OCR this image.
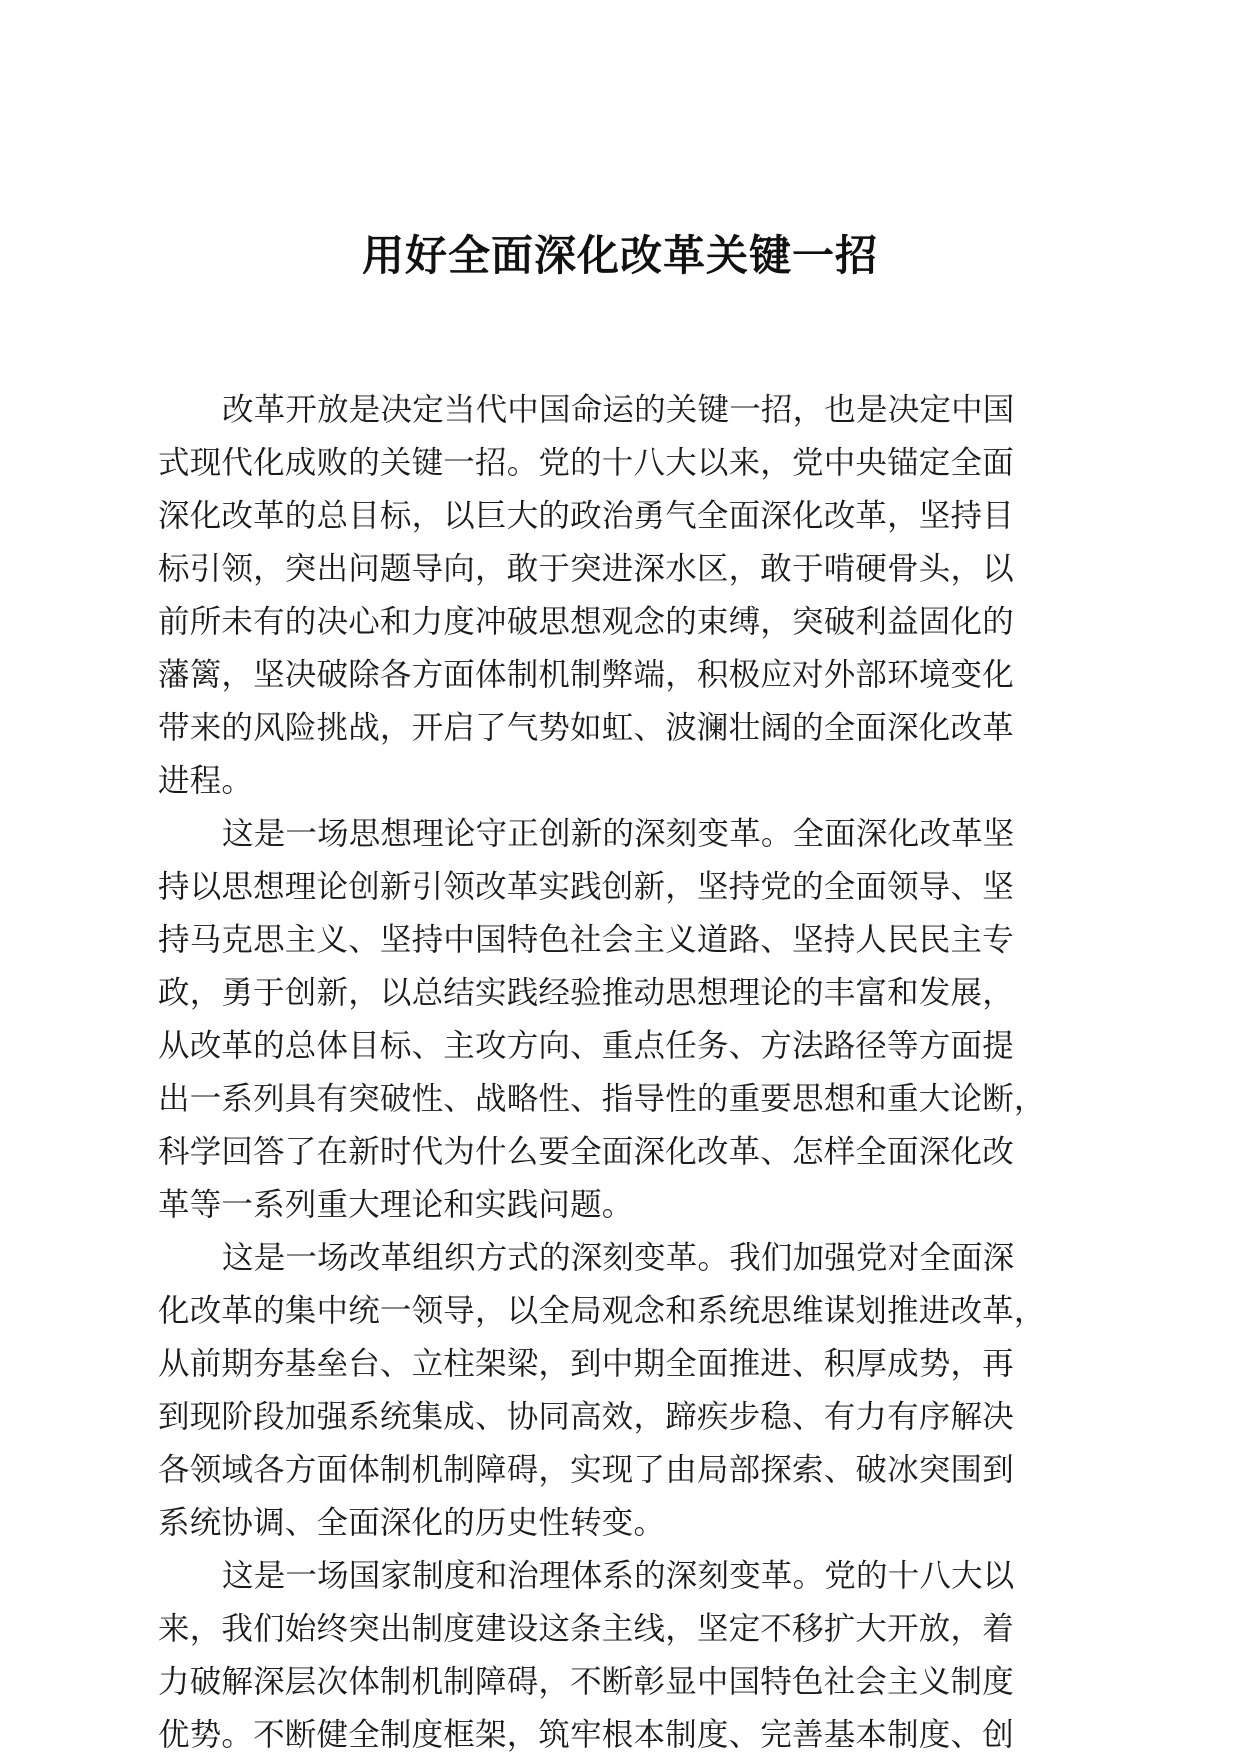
用好全面深化改革关键一招
改革开放是决定当代中国命运的关键一招，也是决定中国
式现代化成败的关键一招。党的十八大以来，党中央锚定全面
深化改革的总目标，以巨大的政治勇气全面深化改革，坚持目
标引领，突出问题导向，敢于突进深水区，敢于啃硬骨头，以
前所未有的决心和力度冲破思想观念的束缚，突破利益固化的
藩篱，坚决破除各方面体制机制弊端，积极应对外部环境变化
带来的风险挑战，开启了气势如虹、波澜壮阔的全面深化改革
进程。
这是一场思想理论守正创新的深刻变革。全面深化改革坚
持以思想理论创新引领改革实践创新，坚持党的全面领导、坚
持马克思主义、坚持中国特色社会主义道路、坚持人民民主专
政，勇于创新，以总结实践经验推动思想理论的丰富和发展，
从改革的总体目标、主攻方向、重点任务、方法路径等方面提
出一系列具有突破性、战略性、指导性的重要思想和重大论断，
科学回答了在新时代为什么要全面深化改革、怎样全面深化改
革等一系列重大理论和实践问题。
这是一场改革组织方式的深刻变革。我们加强党对全面深
化改革的集中统一领导，以全局观念和系统思维谋划推进改革，
从前期夯基垒台、立柱架梁，到中期全面推进、积厚成势，再
到现阶段加强系统集成、协同高效，蹄疾步稳、有力有序解决
各领域各方面体制机制障碍，实现了由局部探索、破冰突围到
系统协调、全面深化的历史性转变。
这是一场国家制度和治理体系的深刻变革。党的十八大以
来，我们始终突出制度建设这条主线，坚定不移扩大开放，着
力破解深层次体制机制障碍，不断彰显中国特色社会主义制度
优势。不断健全制度框架，筑牢根本制度、完善基本制度、创
